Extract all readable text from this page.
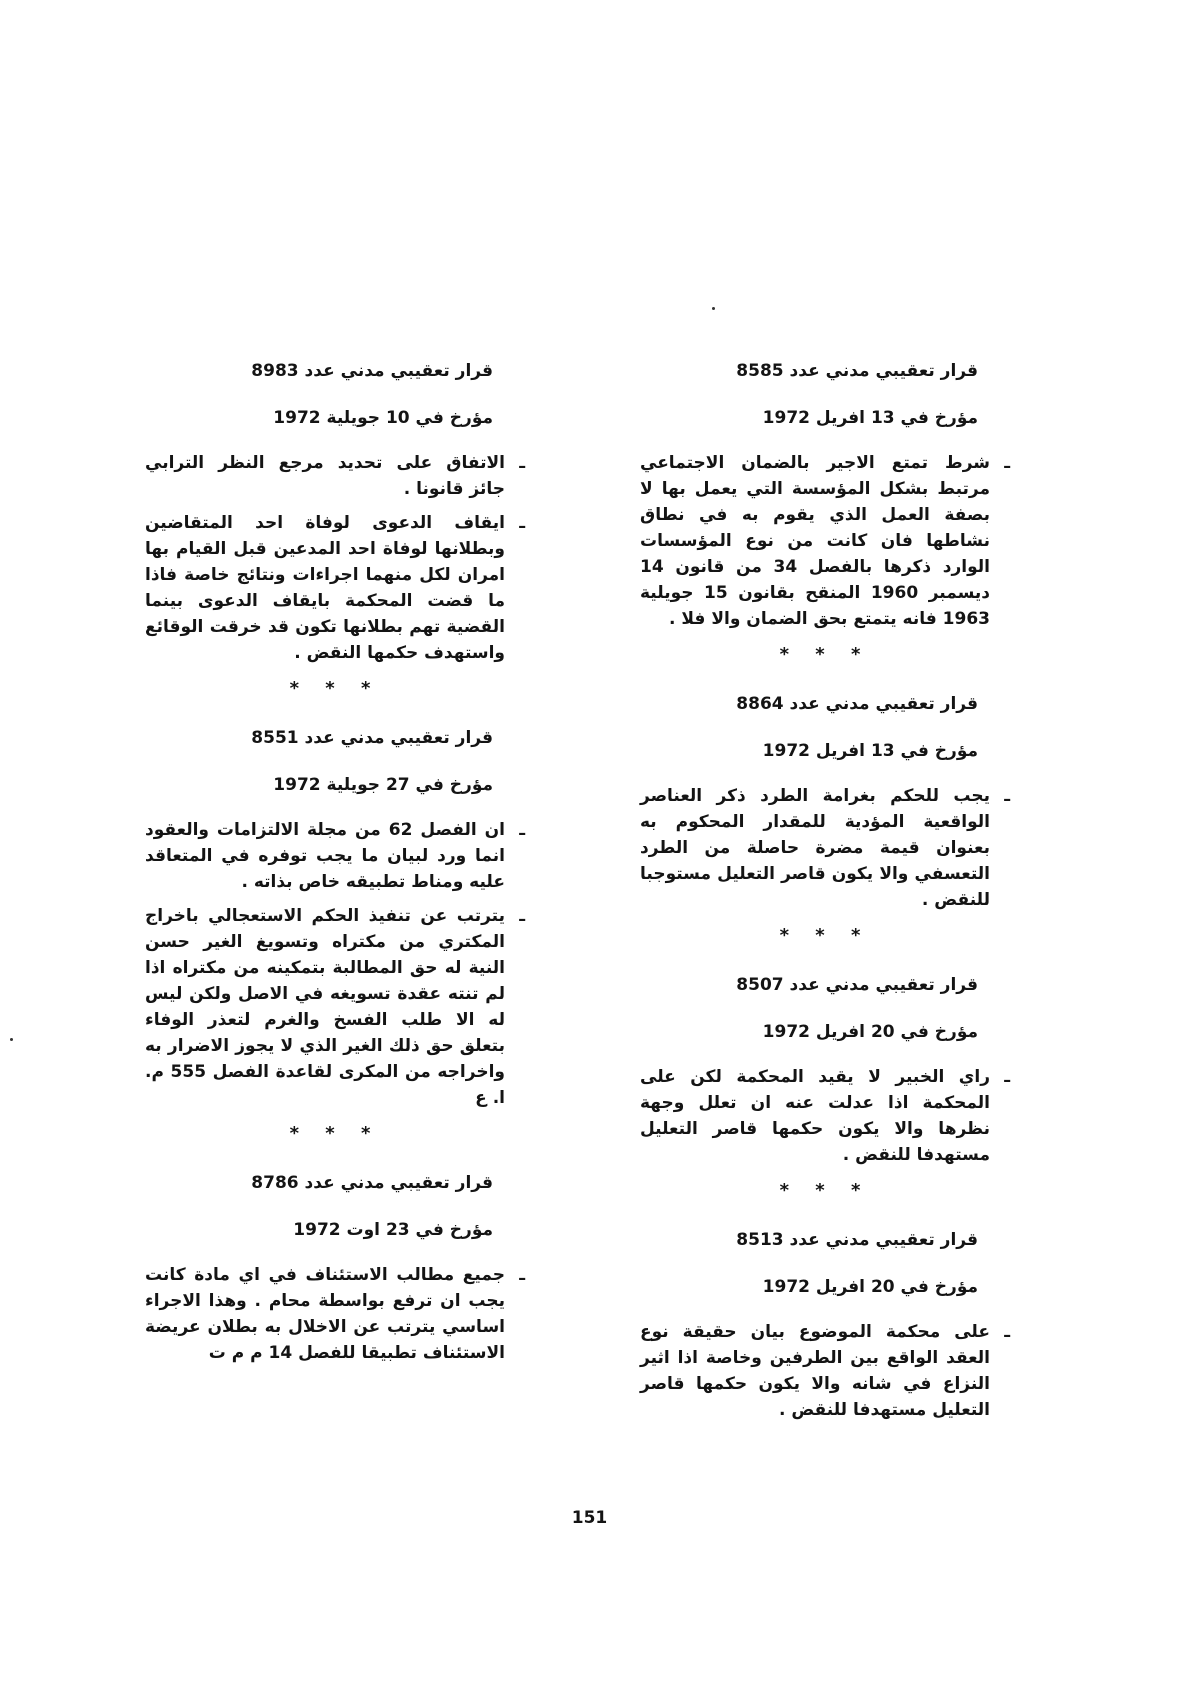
قرار تعقيبي مدني عدد 8585
مؤرخ في 13 افريل 1972
ـ
شرط تمتع الاجير بالضمان الاجتماعي مرتبط بشكل المؤسسة التي يعمل بها لا بصفة العمل الذي يقوم به في نطاق نشاطها فان كانت من نوع المؤسسات الوارد ذكرها بالفصل 34 من قانون 14 ديسمبر 1960 المنقح بقانون 15 جويلية 1963 فانه يتمتع بحق الضمان والا فلا .
* * *
قرار تعقيبي مدني عدد 8864
مؤرخ في 13 افريل 1972
ـ
يجب للحكم بغرامة الطرد ذكر العناصر الواقعية المؤدية للمقدار المحكوم به بعنوان قيمة مضرة حاصلة من الطرد التعسفي والا يكون قاصر التعليل مستوجبا للنقض .
* * *
قرار تعقيبي مدني عدد 8507
مؤرخ في 20 افريل 1972
ـ
راي الخبير لا يقيد المحكمة لكن على المحكمة اذا عدلت عنه ان تعلل وجهة نظرها والا يكون حكمها قاصر التعليل مستهدفا للنقض .
* * *
قرار تعقيبي مدني عدد 8513
مؤرخ في 20 افريل 1972
ـ
على محكمة الموضوع بيان حقيقة نوع العقد الواقع بين الطرفين وخاصة اذا اثير النزاع في شانه والا يكون حكمها قاصر التعليل مستهدفا للنقض .
قرار تعقيبي مدني عدد 8983
مؤرخ في 10 جويلية 1972
ـ
الاتفاق على تحديد مرجع النظر الترابي جائز قانونا .
ـ
ايقاف الدعوى لوفاة احد المتقاضين وبطلانها لوفاة احد المدعين قبل القيام بها امران لكل منهما اجراءات ونتائج خاصة فاذا ما قضت المحكمة بايقاف الدعوى بينما القضية تهم بطلانها تكون قد خرقت الوقائع واستهدف حكمها النقض .
* * *
قرار تعقيبي مدني عدد 8551
مؤرخ في 27 جويلية 1972
ـ
ان الفصل 62 من مجلة الالتزامات والعقود انما ورد لبيان ما يجب توفره في المتعاقد عليه ومناط تطبيقه خاص بذاته .
ـ
يترتب عن تنفيذ الحكم الاستعجالي باخراج المكتري من مكتراه وتسويغ الغير حسن النية له حق المطالبة بتمكينه من مكتراه اذا لم تنته عقدة تسويغه في الاصل ولكن ليس له الا طلب الفسخ والغرم لتعذر الوفاء بتعلق حق ذلك الغير الذي لا يجوز الاضرار به واخراجه من المكرى لقاعدة الفصل 555 م. ا. ع
* * *
قرار تعقيبي مدني عدد 8786
مؤرخ في 23 اوت 1972
ـ
جميع مطالب الاستئناف في اي مادة كانت يجب ان ترفع بواسطة محام . وهذا الاجراء اساسي يترتب عن الاخلال به بطلان عريضة الاستئناف تطبيقا للفصل 14 م م ت
151
